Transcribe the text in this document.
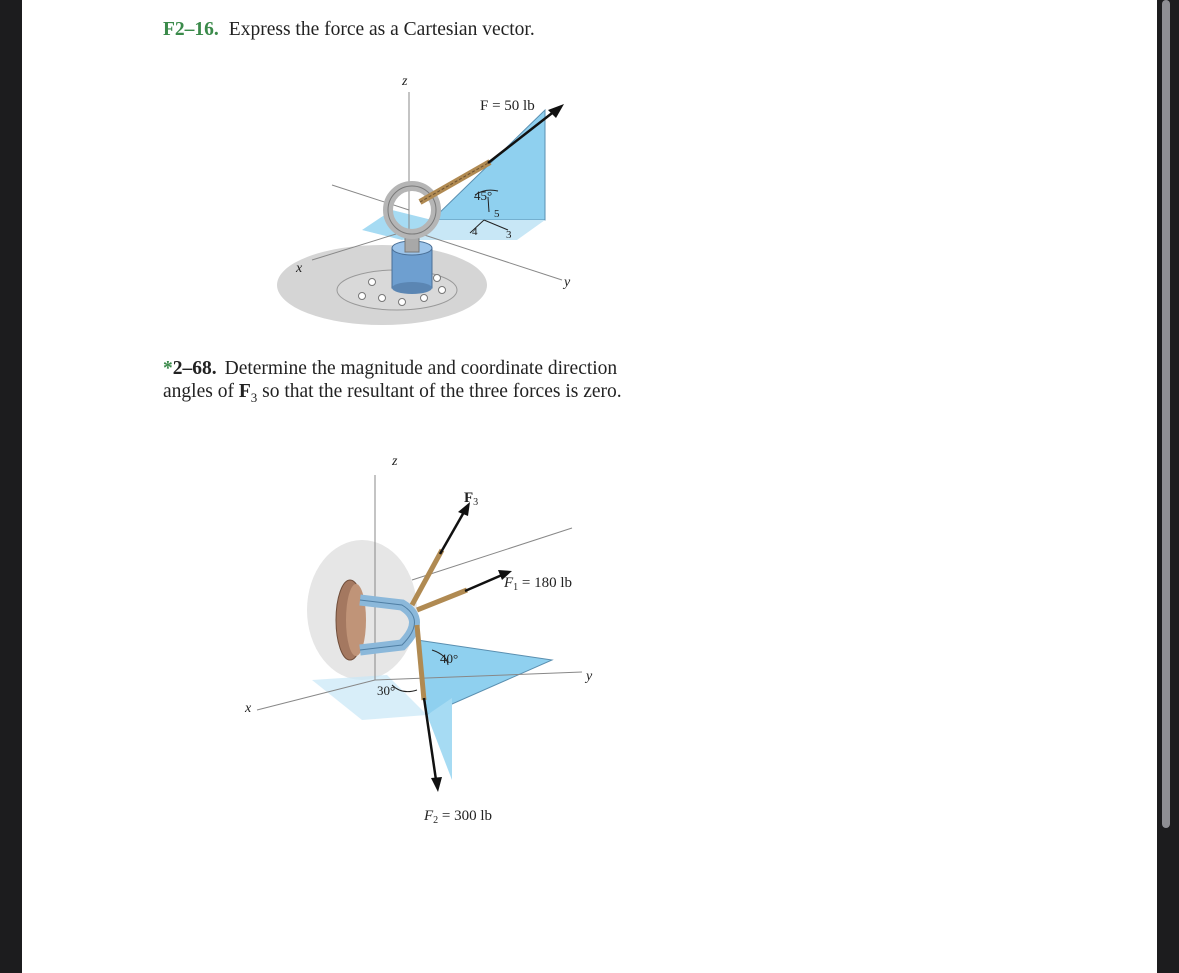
F2–16. Express the force as a Cartesian vector.
z
x
y
F = 50 lb
45°
5
4	3
*2–68. Determine the magnitude and coordinate direction
angles of $F_3$ so that the resultant of the three forces is zero.
z
x
y
$F_3$
$F_1 = 180$ lb
$F_2 = 300$ lb
40°
30°
